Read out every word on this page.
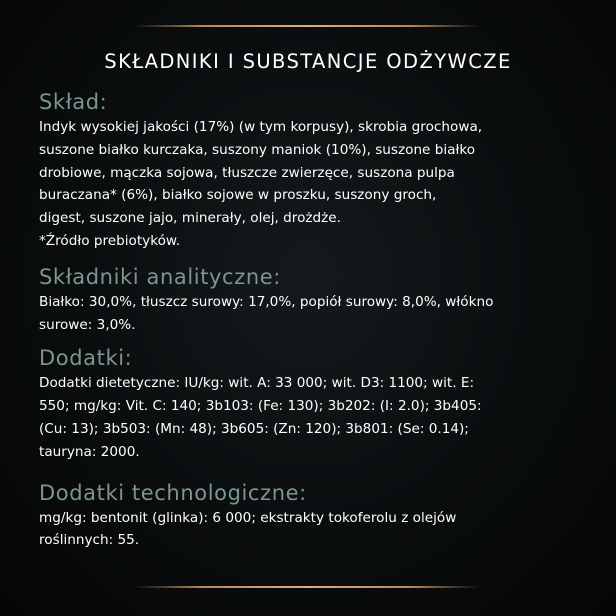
SKŁADNIKI I SUBSTANCJE ODŻYWCZE
Skład:

Indyk wysokiej jakości (17%) (w tym korpusy), skrobia grochowa,
suszone białko kurczaka, suszony maniok (10%), suszone białko
drobiowe, mączka sojowa, tłuszcze zwierzęce, suszona pulpa
buraczana* (6%), białko sojowe w proszku, suszony groch,
digest, suszone jajo, minerały, olej, drożdże.
*Źródło prebiotyków.

Składniki analityczne:

Białko: 30,0%, tłuszcz surowy: 17,0%, popiół surowy: 8,0%, włókno
surowe: 3,0%.

Dodatki:

Dodatki dietetyczne: IU/kg: wit. A: 33 000; wit. D3: 1100; wit. E:
550; mg/kg: Vit. C: 140; 3b103: (Fe: 130); 3b202: (I: 2.0); 3b405:
(Cu: 13); 3b503: (Mn: 48); 3b605: (Zn: 120); 3b801: (Se: 0.14);
tauryna: 2000.

Dodatki technologiczne:

mg/kg: bentonit (glinka): 6 000; ekstrakty tokoferolu z olejów
roślinnych: 55.
